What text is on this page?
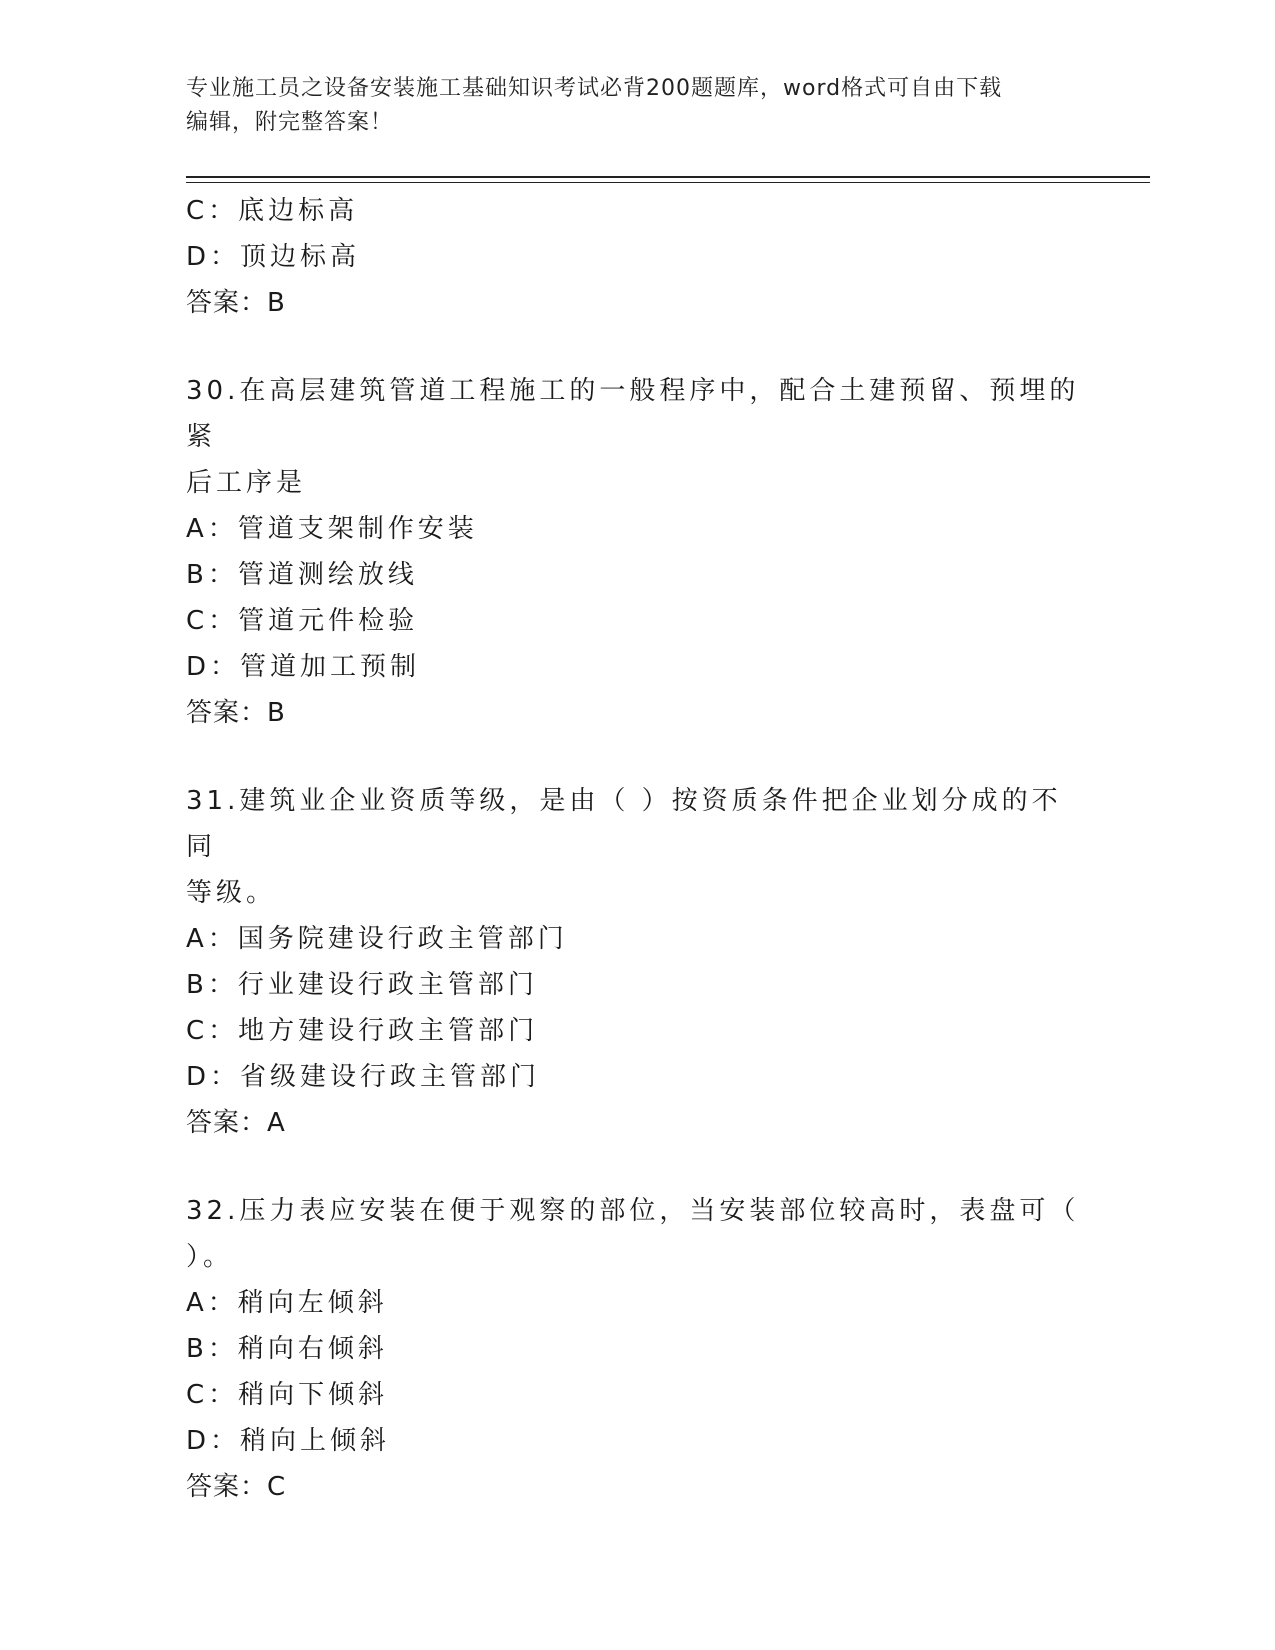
专业施工员之设备安装施工基础知识考试必背200题题库，word格式可自由下载
编辑，附完整答案！
C：底边标高
D：顶边标高
答案：B
30.在高层建筑管道工程施工的一般程序中，配合土建预留、预埋的紧
后工序是
A：管道支架制作安装
B：管道测绘放线
C：管道元件检验
D：管道加工预制
答案：B
31.建筑业企业资质等级，是由（ ）按资质条件把企业划分成的不同
等级。
A：国务院建设行政主管部门
B：行业建设行政主管部门
C：地方建设行政主管部门
D：省级建设行政主管部门
答案：A
32.压力表应安装在便于观察的部位，当安装部位较高时，表盘可（
）。
A：稍向左倾斜
B：稍向右倾斜
C：稍向下倾斜
D：稍向上倾斜
答案：C
